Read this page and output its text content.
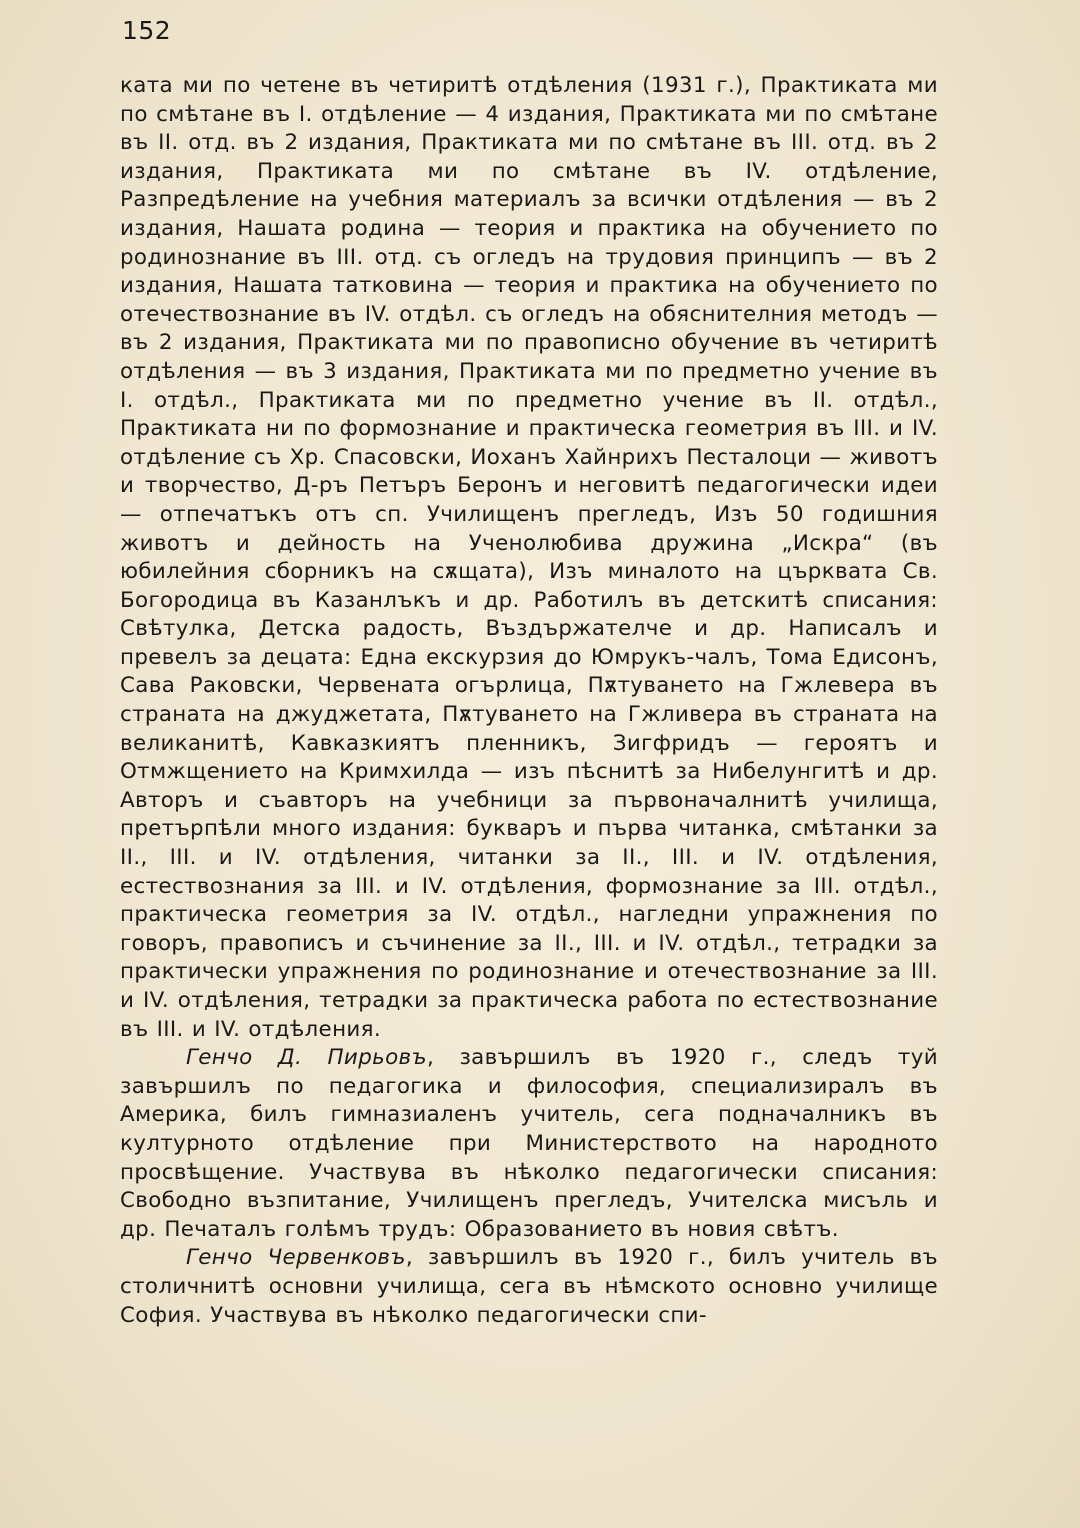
152

ката ми по четене въ четиритѣ отдѣления (1931 г.), Практиката ми по смѣтане въ I. отдѣление — 4 издания, Практиката ми по смѣтане въ II. отд. въ 2 издания, Практиката ми по смѣтане въ III. отд. въ 2 издания, Практиката ми по смѣтане въ IV. отдѣление, Разпредѣление на учебния материалъ за всички отдѣления — въ 2 издания, Нашата родина — теория и практика на обучението по родинознание въ III. отд. съ огледъ на трудовия принципъ — въ 2 издания, Нашата татковина — теория и практика на обучението по отечествознание въ IV. отдѣл. съ огледъ на обяснителния методъ — въ 2 издания, Практиката ми по правописно обучение въ четиритѣ отдѣления — въ 3 издания, Практиката ми по предметно учение въ I. отдѣл., Практиката ми по предметно учение въ II. отдѣл., Практиката ни по формознание и практическа геометрия въ III. и IV. отдѣление съ Хр. Спасовски, Иоханъ Хайнрихъ Песталоци — животъ и творчество, Д-ръ Петъръ Беронъ и неговитѣ педагогически идеи — отпечатъкъ отъ сп. Училищенъ прегледъ, Изъ 50 годишния животъ и дейность на Ученолюбива дружина „Искра“ (въ юбилейния сборникъ на сѫщата), Изъ миналото на църквата Св. Богородица въ Казанлъкъ и др. Работилъ въ детскитѣ списания: Свѣтулка, Детска радость, Въздържателче и др. Написалъ и превелъ за децата: Една екскурзия до Юмрукъ-чалъ, Тома Едисонъ, Сава Раковски, Червената огърлица, Пѫтуването на Гжлевера въ страната на джуджетата, Пѫтуването на Гжливера въ страната на великанитѣ, Кавказкиятъ пленникъ, Зигфридъ — героятъ и Отмжщението на Кримхилда — изъ пѣснитѣ за Нибелунгитѣ и др. Авторъ и съавторъ на учебници за първоначалнитѣ училища, претърпѣли много издания: букваръ и първа читанка, смѣтанки за II., III. и IV. отдѣления, читанки за II., III. и IV. отдѣления, естествознания за III. и IV. отдѣления, формознание за III. отдѣл., практическа геометрия за IV. отдѣл., нагледни упражнения по говоръ, правописъ и съчинение за II., III. и IV. отдѣл., тетрадки за практически упражнения по родинознание и отечествознание за III. и IV. отдѣления, тетрадки за практическа работа по естествознание въ III. и IV. отдѣления.

Генчо Д. Пирьовъ, завършилъ въ 1920 г., следъ туй завършилъ по педагогика и философия, специализиралъ въ Америка, билъ гимназиаленъ учитель, сега подначалникъ въ културното отдѣление при Министерството на народното просвѣщение. Участвува въ нѣколко педагогически списания: Свободно възпитание, Училищенъ прегледъ, Учителска мисъль и др. Печаталъ голѣмъ трудъ: Образованието въ новия свѣтъ.

Генчо Червенковъ, завършилъ въ 1920 г., билъ учитель въ столичнитѣ основни училища, сега въ нѣмското основно училище София. Участвува въ нѣколко педагогически спи-
